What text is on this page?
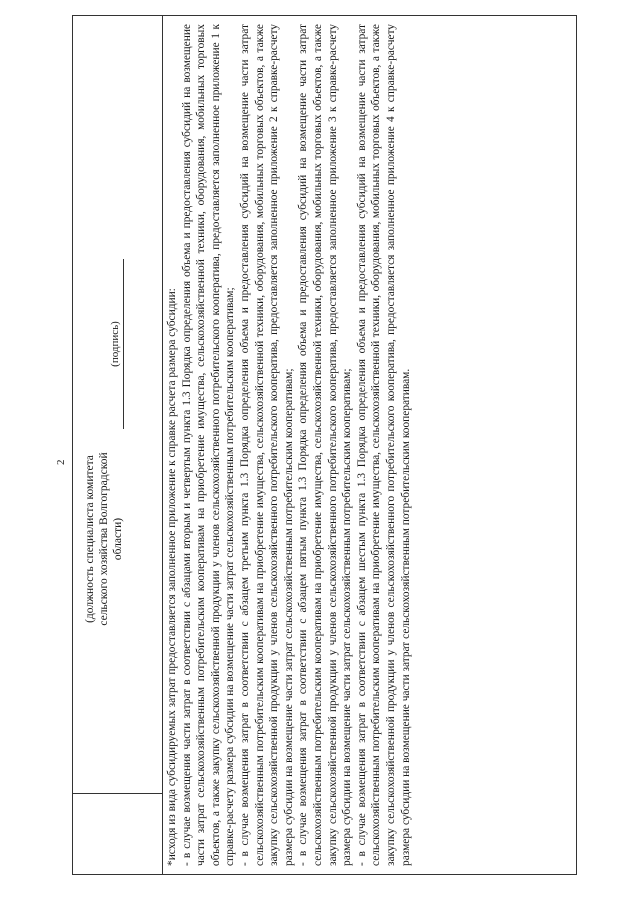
2 (должность специалиста комитета сельского хозяйства Волгоградской области)
(подпись)	*исходя из вида субсидируемых затрат предоставляется заполненное приложение к справке расчета размера субсидии: - в случае возмещения части затрат в соответствии с абзацами вторым и четвертым пункта 1.3 Порядка определения объема и предоставления субсидий на возмещение части затрат сельскохозяйственным потребительским кооперативам на приобретение имущества, сельскохозяйственной техники, оборудования, мобильных торговых объектов, а также закупку сельскохозяйственной продукции у членов сельскохозяйственного потребительского кооператива, предоставляется заполненное приложение 1 к справке-расчету размера субсидии на возмещение части затрат сельскохозяйственным потребительским кооперативам; - в случае возмещения затрат в соответствии с абзацем третьим пункта 1.3 Порядка определения объема и предоставления субсидий на возмещение части затрат сельскохозяйственным потребительским кооперативам на приобретение имущества, сельскохозяйственной техники, оборудования, мобильных торговых объектов, а также закупку сельскохозяйственной продукции у членов сельскохозяйственного потребительского кооператива, предоставляется заполненное приложение 2 к справке-расчету размера субсидии на возмещение части затрат сельскохозяйственным потребительским кооперативам; - в случае возмещения затрат в соответствии с абзацем пятым пункта 1.3 Порядка определения объема и предоставления субсидий на возмещение части затрат сельскохозяйственным потребительским кооперативам на приобретение имущества, сельскохозяйственной техники, оборудования, мобильных торговых объектов, а также закупку сельскохозяйственной продукции у членов сельскохозяйственного потребительского кооператива, предоставляется заполненное приложение 3 к справке-расчету размера субсидии на возмещение части затрат сельскохозяйственным потребительским кооперативам; - в случае возмещения затрат в соответствии с абзацем шестым пункта 1.3 Порядка определения объема и предоставления субсидий на возмещение части затрат сельскохозяйственным потребительским кооперативам на приобретение имущества, сельскохозяйственной техники, оборудования, мобильных торговых объектов, а также закупку сельскохозяйственной продукции у членов сельскохозяйственного потребительского кооператива, предоставляется заполненное приложение 4 к справке-расчету размера субсидии на возмещение части затрат сельскохозяйственным потребительским кооперативам.
